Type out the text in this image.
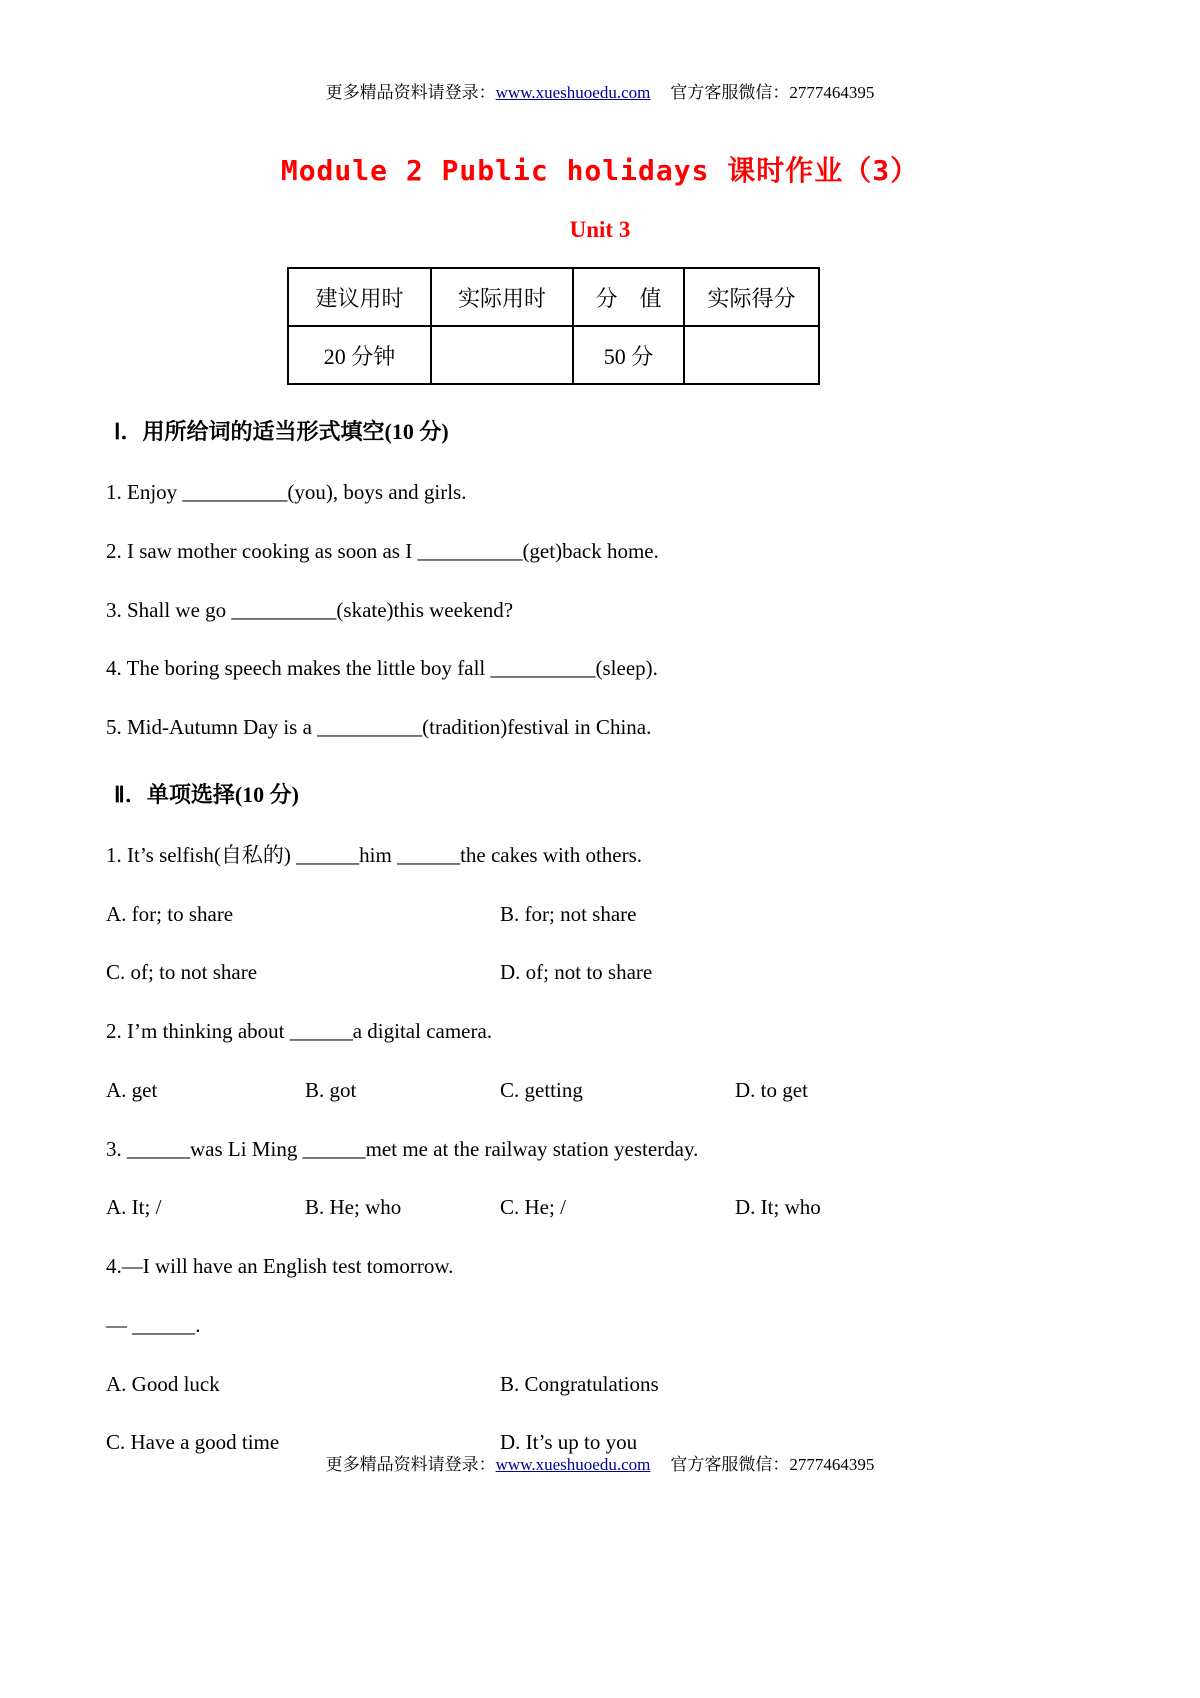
更多精品资料请登录：www.xueshuoedu.com 官方客服微信：2777464395
Module 2 Public holidays 课时作业（3）
Unit 3
建议用时	实际用时	分　值	实际得分
20 分钟		50 分	
Ⅰ．用所给词的适当形式填空(10 分)

1. Enjoy __________(you), boys and girls.

2. I saw mother cooking as soon as I __________(get)back home.

3. Shall we go __________(skate)this weekend?

4. The boring speech makes the little boy fall __________(sleep).

5. Mid-Autumn Day is a __________(tradition)festival in China.

Ⅱ．单项选择(10 分)

1. It’s selfish(自私的) ______him ______the cakes with others.

A. for; to share	B. for; not share
C. of; to not share	D. of; not to share

2. I’m thinking about ______a digital camera.

A. get	B. got	C. getting	D. to get

3. ______was Li Ming ______met me at the railway station yesterday.

A. It; /	B. He; who	C. He; /	D. It; who

4.—I will have an English test tomorrow.

— ______.

A. Good luck	B. Congratulations
C. Have a good time	D. It’s up to you
更多精品资料请登录：www.xueshuoedu.com 官方客服微信：2777464395
